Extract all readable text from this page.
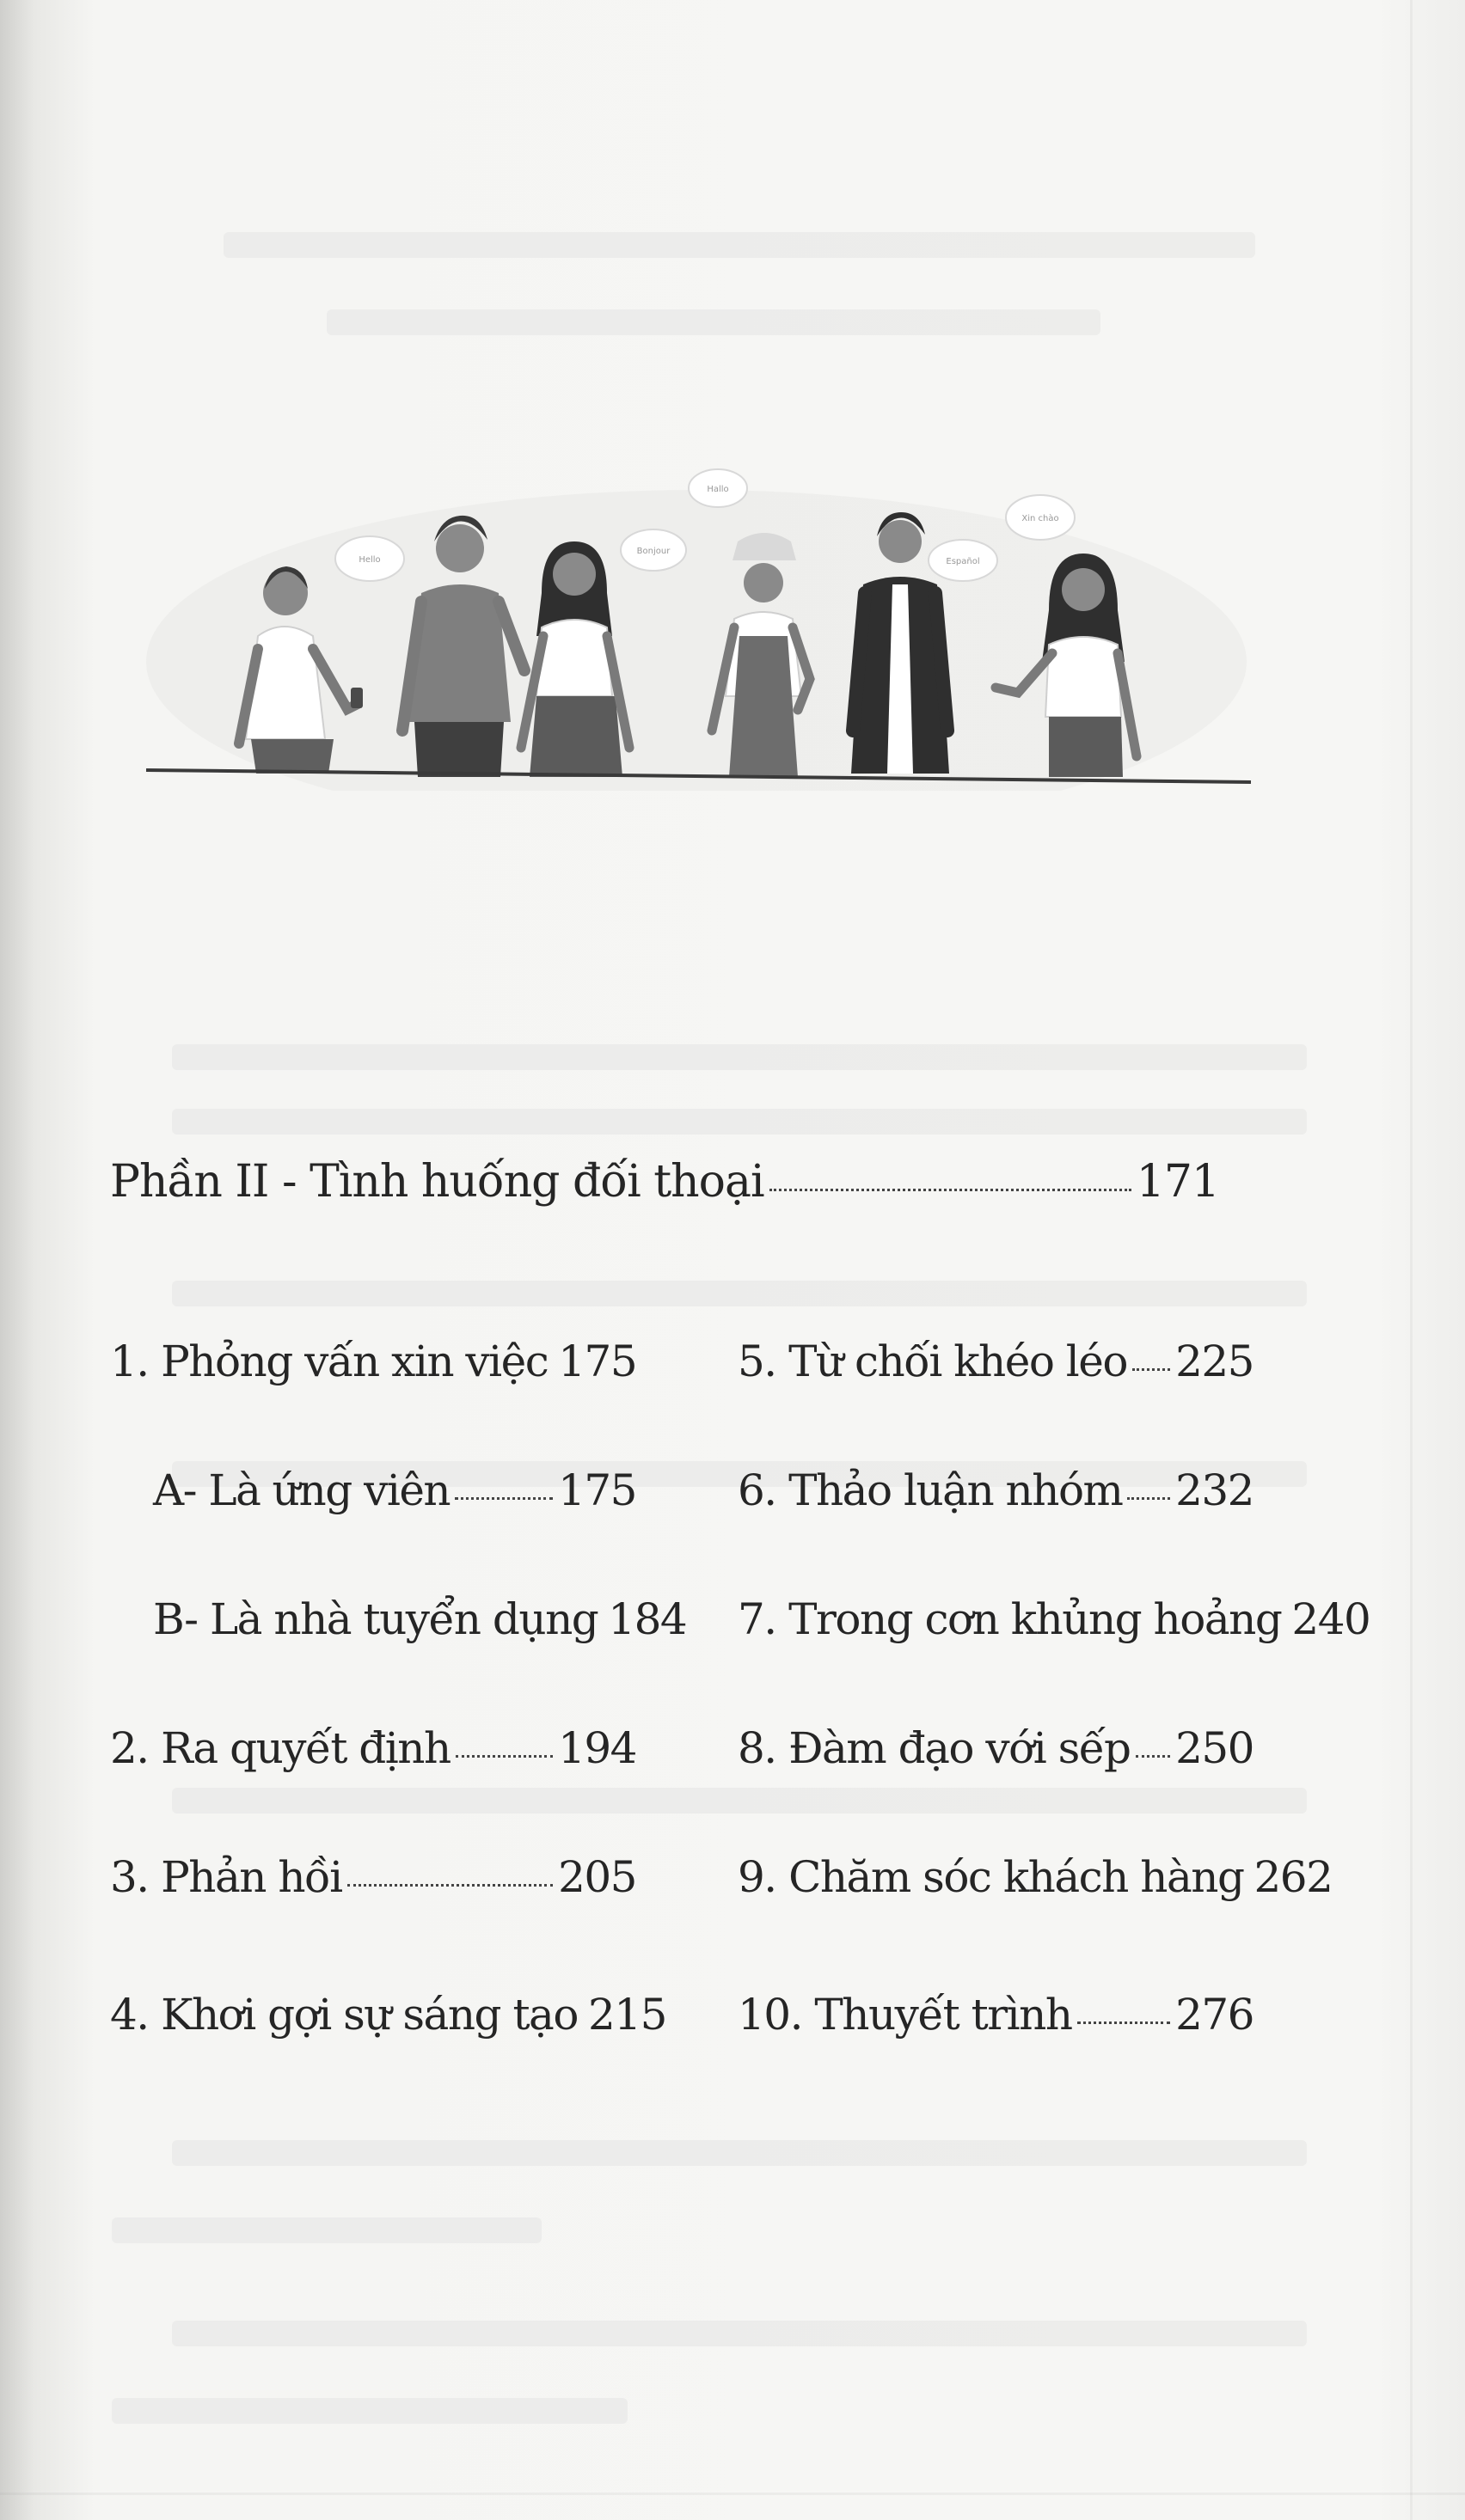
Hello
Bonjour
Hallo
Español
Xin chào
Phần II - Tình huống đối thoại	171
1. Phỏng vấn xin việc 175
A- Là ứng viên	175
B- Là nhà tuyển dụng 184
2. Ra quyết định	194
3. Phản hồi	205
4. Khơi gợi sự sáng tạo 215
5. Từ chối khéo léo 225
6. Thảo luận nhóm 232
7. Trong cơn khủng hoảng 240
8. Đàm đạo với sếp 250
9. Chăm sóc khách hàng 262
10. Thuyết trình 276
